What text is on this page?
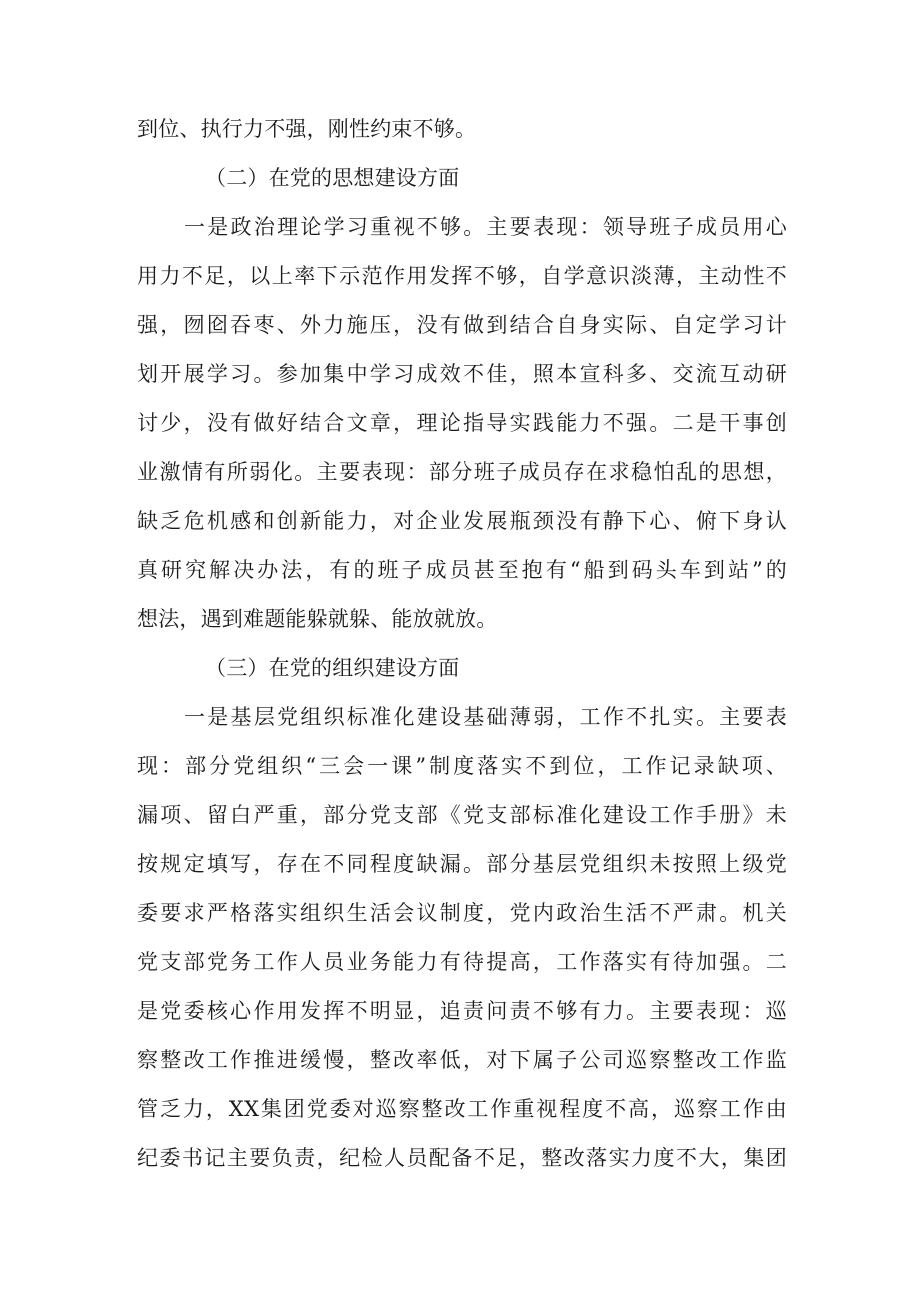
到位、执行力不强，刚性约束不够。
（二）在党的思想建设方面
一是政治理论学习重视不够。主要表现：领导班子成员用心
用力不足，以上率下示范作用发挥不够，自学意识淡薄，主动性不
强，囫囵吞枣、外力施压，没有做到结合自身实际、自定学习计
划开展学习。参加集中学习成效不佳，照本宣科多、交流互动研
讨少，没有做好结合文章，理论指导实践能力不强。二是干事创
业激情有所弱化。主要表现：部分班子成员存在求稳怕乱的思想，
缺乏危机感和创新能力，对企业发展瓶颈没有静下心、俯下身认
真研究解决办法，有的班子成员甚至抱有“船到码头车到站”的
想法，遇到难题能躲就躲、能放就放。
（三）在党的组织建设方面
一是基层党组织标准化建设基础薄弱，工作不扎实。主要表
现：部分党组织“三会一课”制度落实不到位，工作记录缺项、
漏项、留白严重，部分党支部《党支部标准化建设工作手册》未
按规定填写，存在不同程度缺漏。部分基层党组织未按照上级党
委要求严格落实组织生活会议制度，党内政治生活不严肃。机关
党支部党务工作人员业务能力有待提高，工作落实有待加强。二
是党委核心作用发挥不明显，追责问责不够有力。主要表现：巡
察整改工作推进缓慢，整改率低，对下属子公司巡察整改工作监
管乏力，XX集团党委对巡察整改工作重视程度不高，巡察工作由
纪委书记主要负责，纪检人员配备不足，整改落实力度不大，集团
